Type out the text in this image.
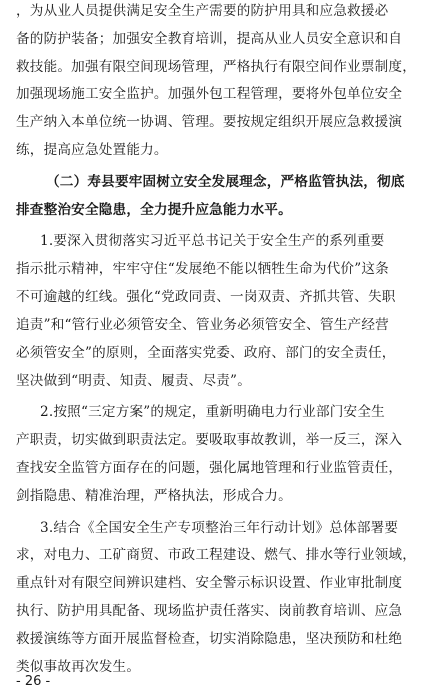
，为从业人员提供满足安全生产需要的防护用具和应急救援必
备的防护装备；加强安全教育培训，提高从业人员安全意识和自
救技能。加强有限空间现场管理，严格执行有限空间作业票制度，
加强现场施工安全监护。加强外包工程管理，要将外包单位安全
生产纳入本单位统一协调、管理。要按规定组织开展应急救援演
练，提高应急处置能力。
（二）寿县要牢固树立安全发展理念，严格监管执法，彻底
排查整治安全隐患，全力提升应急能力水平。
1.要深入贯彻落实习近平总书记关于安全生产的系列重要
指示批示精神，牢牢守住“发展绝不能以牺牲生命为代价”这条
不可逾越的红线。强化“党政同责、一岗双责、齐抓共管、失职
追责”和“管行业必须管安全、管业务必须管安全、管生产经营
必须管安全”的原则，全面落实党委、政府、部门的安全责任，
坚决做到“明责、知责、履责、尽责”。
2.按照“三定方案”的规定，重新明确电力行业部门安全生
产职责，切实做到职责法定。要吸取事故教训，举一反三，深入
查找安全监管方面存在的问题，强化属地管理和行业监管责任，
剑指隐患、精准治理，严格执法，形成合力。
3.结合《全国安全生产专项整治三年行动计划》总体部署要
求，对电力、工矿商贸、市政工程建设、燃气、排水等行业领域，
重点针对有限空间辨识建档、安全警示标识设置、作业审批制度
执行、防护用具配备、现场监护责任落实、岗前教育培训、应急
救援演练等方面开展监督检查，切实消除隐患，坚决预防和杜绝
类似事故再次发生。
- 26 -
